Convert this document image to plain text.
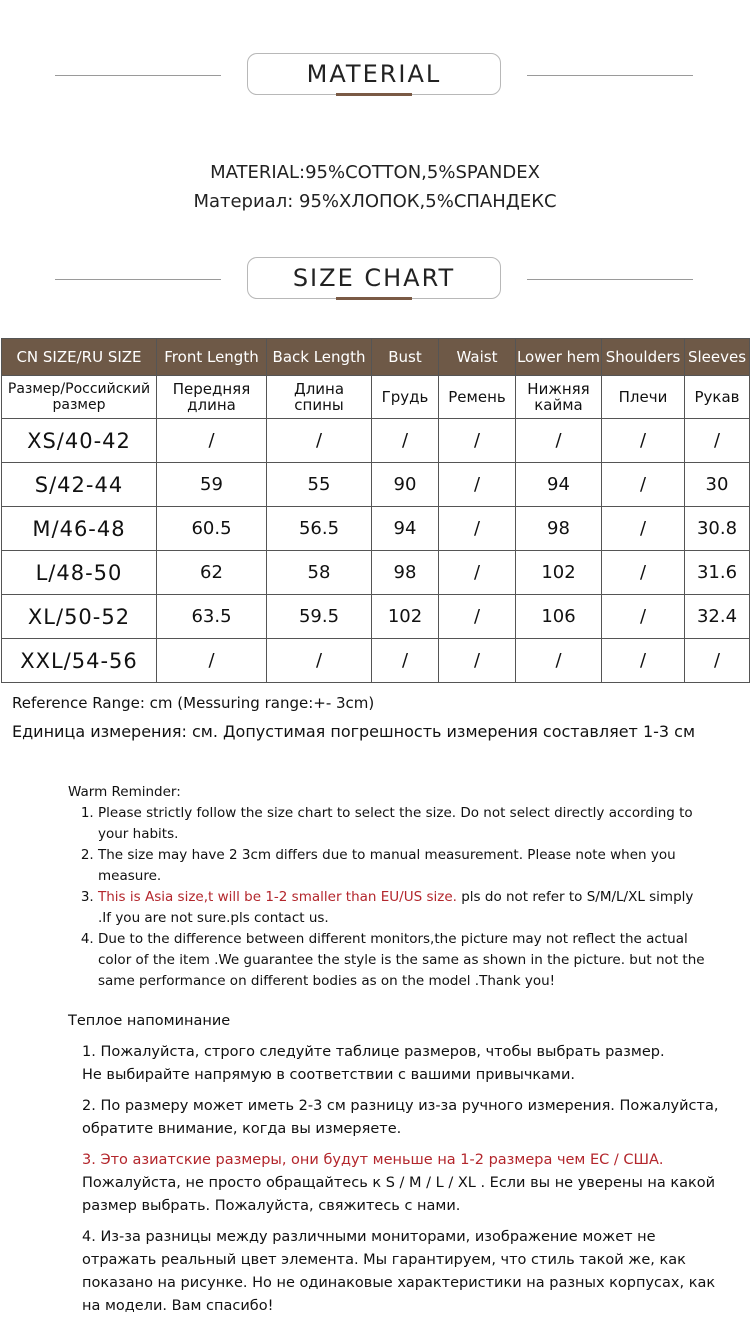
MATERIAL
MATERIAL:95%COTTON,5%SPANDEX
Материал: 95%ХЛОПОК,5%СПАНДЕКС
SIZE CHART
CN SIZE/RU SIZE	Front Length	Back Length	Bust	Waist	Lower hem	Shoulders	Sleeves
Размер/Российский размер	Передняя длина	Длина спины	Грудь	Ремень	Нижняя кайма	Плечи	Рукав
XS/40-42	/	/	/	/	/	/	/
S/42-44	59	55	90	/	94	/	30
M/46-48	60.5	56.5	94	/	98	/	30.8
L/48-50	62	58	98	/	102	/	31.6
XL/50-52	63.5	59.5	102	/	106	/	32.4
XXL/54-56	/	/	/	/	/	/	/
Reference Range: cm (Messuring range:+- 3cm)
Единица измерения: см. Допустимая погрешность измерения составляет 1-3 см
Warm Reminder:
1. Please strictly follow the size chart to select the size. Do not select directly according to your habits.
2. The size may have 2 3cm differs due to manual measurement. Please note when you measure.
3. This is Asia size,t will be 1-2 smaller than EU/US size. pls do not refer to S/M/L/XL simply .If you are not sure.pls contact us.
4. Due to the difference between different monitors,the picture may not reflect the actual color of the item .We guarantee the style is the same as shown in the picture. but not the same performance on different bodies as on the model .Thank you!
Теплое напоминание
1. Пожалуйста, строго следуйте таблице размеров, чтобы выбрать размер.
Не выбирайте напрямую в соответствии с вашими привычками.
2. По размеру может иметь 2-3 см разницу из-за ручного измерения. Пожалуйста, обратите внимание, когда вы измеряете.
3. Это азиатские размеры, они будут меньше на 1-2 размера чем EC / США.
Пожалуйста, не просто обращайтесь к S / M / L / XL . Если вы не уверены на какой размер выбрать. Пожалуйста, свяжитесь с нами.
4. Из-за разницы между различными мониторами, изображение может не отражать реальный цвет элемента. Мы гарантируем, что стиль такой же, как показано на рисунке. Но не одинаковые характеристики на разных корпусах, как на модели. Вам спасибо!
